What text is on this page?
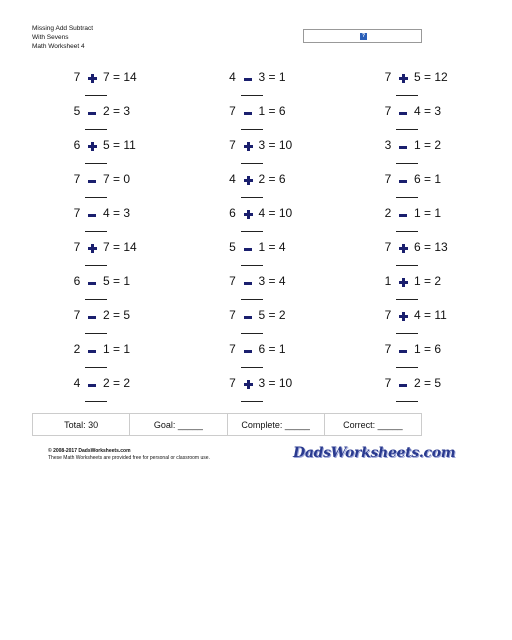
Missing Add Subtract
With Sevens
Math Worksheet 4
?
7 7 = 14	4 3 = 1	7 5 = 12
5 2 = 3	7 1 = 6	7 4 = 3
6 5 = 11	7 3 = 10	3 1 = 2
7 7 = 0	4 2 = 6	7 6 = 1
7 4 = 3	6 4 = 10	2 1 = 1
7 7 = 14	5 1 = 4	7 6 = 13
6 5 = 1	7 3 = 4	1 1 = 2
7 2 = 5	7 5 = 2	7 4 = 11
2 1 = 1	7 6 = 1	7 1 = 6
4 2 = 2	7 3 = 10	7 2 = 5
Total: 30	Goal: _____	Complete: _____	Correct: _____
© 2008-2017 DadsWorksheets.com
These Math Worksheets are provided free for personal or classroom use.	DadsWorksheets.com
